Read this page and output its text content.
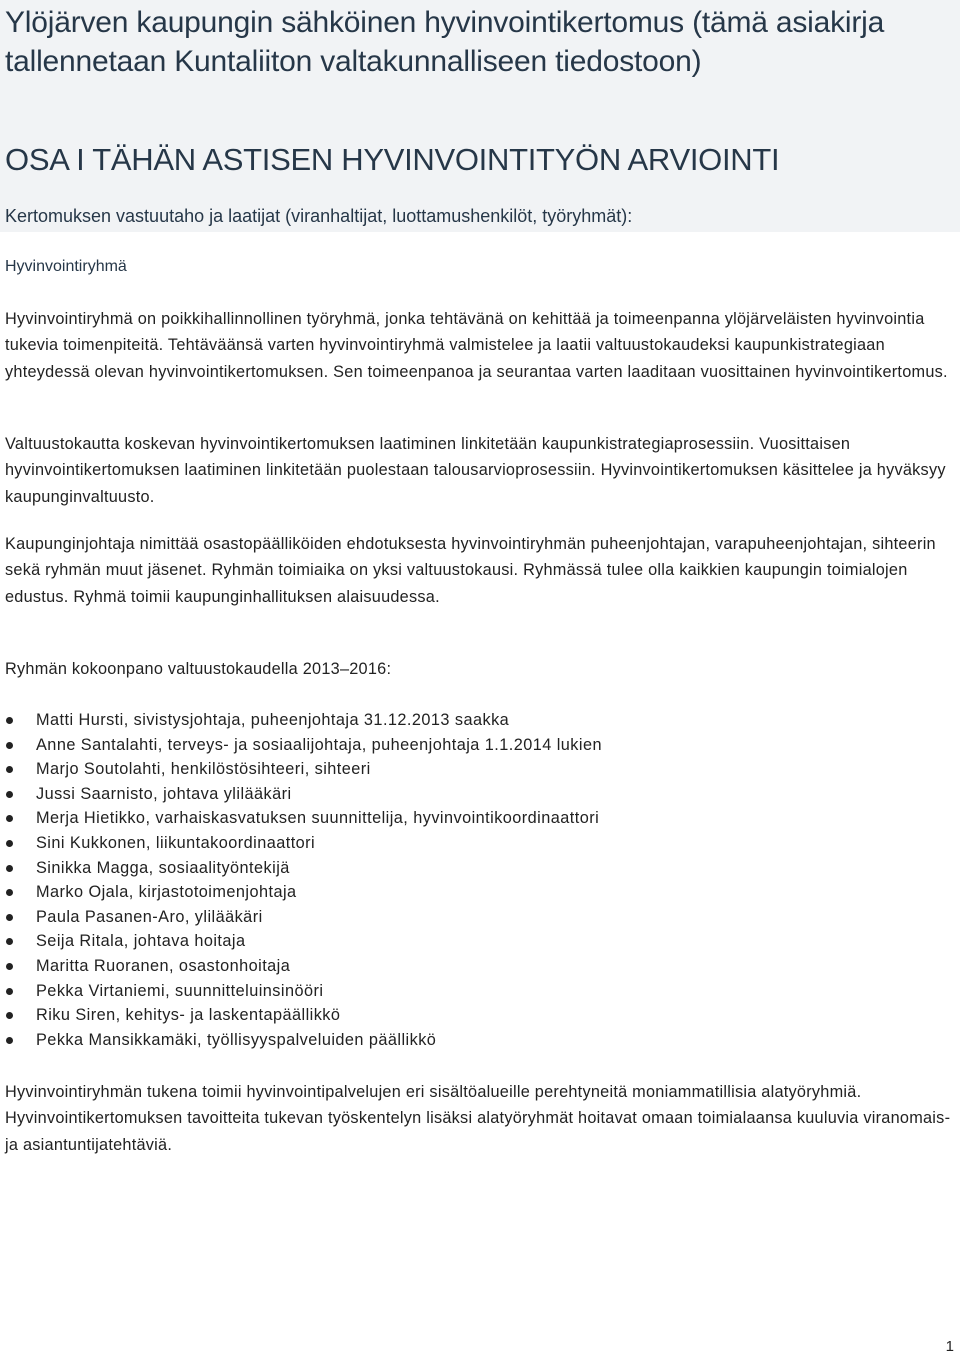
Ylöjärven kaupungin sähköinen hyvinvointikertomus (tämä asiakirja tallennetaan Kuntaliiton valtakunnalliseen tiedostoon)
OSA I TÄHÄN ASTISEN HYVINVOINTITYÖN ARVIOINTI
Kertomuksen vastuutaho ja laatijat (viranhaltijat, luottamushenkilöt, työryhmät):
Hyvinvointiryhmä

Hyvinvointiryhmä on poikkihallinnollinen työryhmä, jonka tehtävänä on kehittää ja toimeenpanna ylöjärveläisten hyvinvointia tukevia toimenpiteitä. Tehtäväänsä varten hyvinvointiryhmä valmistelee ja laatii valtuustokaudeksi kaupunkistrategiaan yhteydessä olevan hyvinvointikertomuksen. Sen toimeenpanoa ja seurantaa varten laaditaan vuosittainen hyvinvointikertomus.

Valtuustokautta koskevan hyvinvointikertomuksen laatiminen linkitetään kaupunkistrategiaprosessiin. Vuosittaisen hyvinvointikertomuksen laatiminen linkitetään puolestaan talousarvioprosessiin. Hyvinvointikertomuksen käsittelee ja hyväksyy kaupunginvaltuusto.

Kaupunginjohtaja nimittää osastopäälliköiden ehdotuksesta hyvinvointiryhmän puheenjohtajan, varapuheenjohtajan, sihteerin sekä ryhmän muut jäsenet. Ryhmän toimiaika on yksi valtuustokausi. Ryhmässä tulee olla kaikkien kaupungin toimialojen edustus. Ryhmä toimii kaupunginhallituksen alaisuudessa.

Ryhmän kokoonpano valtuustokaudella 2013–2016:

Matti Hursti, sivistysjohtaja, puheenjohtaja 31.12.2013 saakka
Anne Santalahti, terveys- ja sosiaalijohtaja, puheenjohtaja 1.1.2014 lukien
Marjo Soutolahti, henkilöstösihteeri, sihteeri
Jussi Saarnisto, johtava ylilääkäri
Merja Hietikko, varhaiskasvatuksen suunnittelija, hyvinvointikoordinaattori
Sini Kukkonen, liikuntakoordinaattori
Sinikka Magga, sosiaalityöntekijä
Marko Ojala, kirjastotoimenjohtaja
Paula Pasanen-Aro, ylilääkäri
Seija Ritala, johtava hoitaja
Maritta Ruoranen, osastonhoitaja
Pekka Virtaniemi, suunnitteluinsinööri
Riku Siren, kehitys- ja laskentapäällikkö
Pekka Mansikkamäki, työllisyyspalveluiden päällikkö

Hyvinvointiryhmän tukena toimii hyvinvointipalvelujen eri sisältöalueille perehtyneitä moniammatillisia alatyöryhmiä. Hyvinvointikertomuksen tavoitteita tukevan työskentelyn lisäksi alatyöryhmät hoitavat omaan toimialaansa kuuluvia viranomais- ja asiantuntijatehtäviä.

1
